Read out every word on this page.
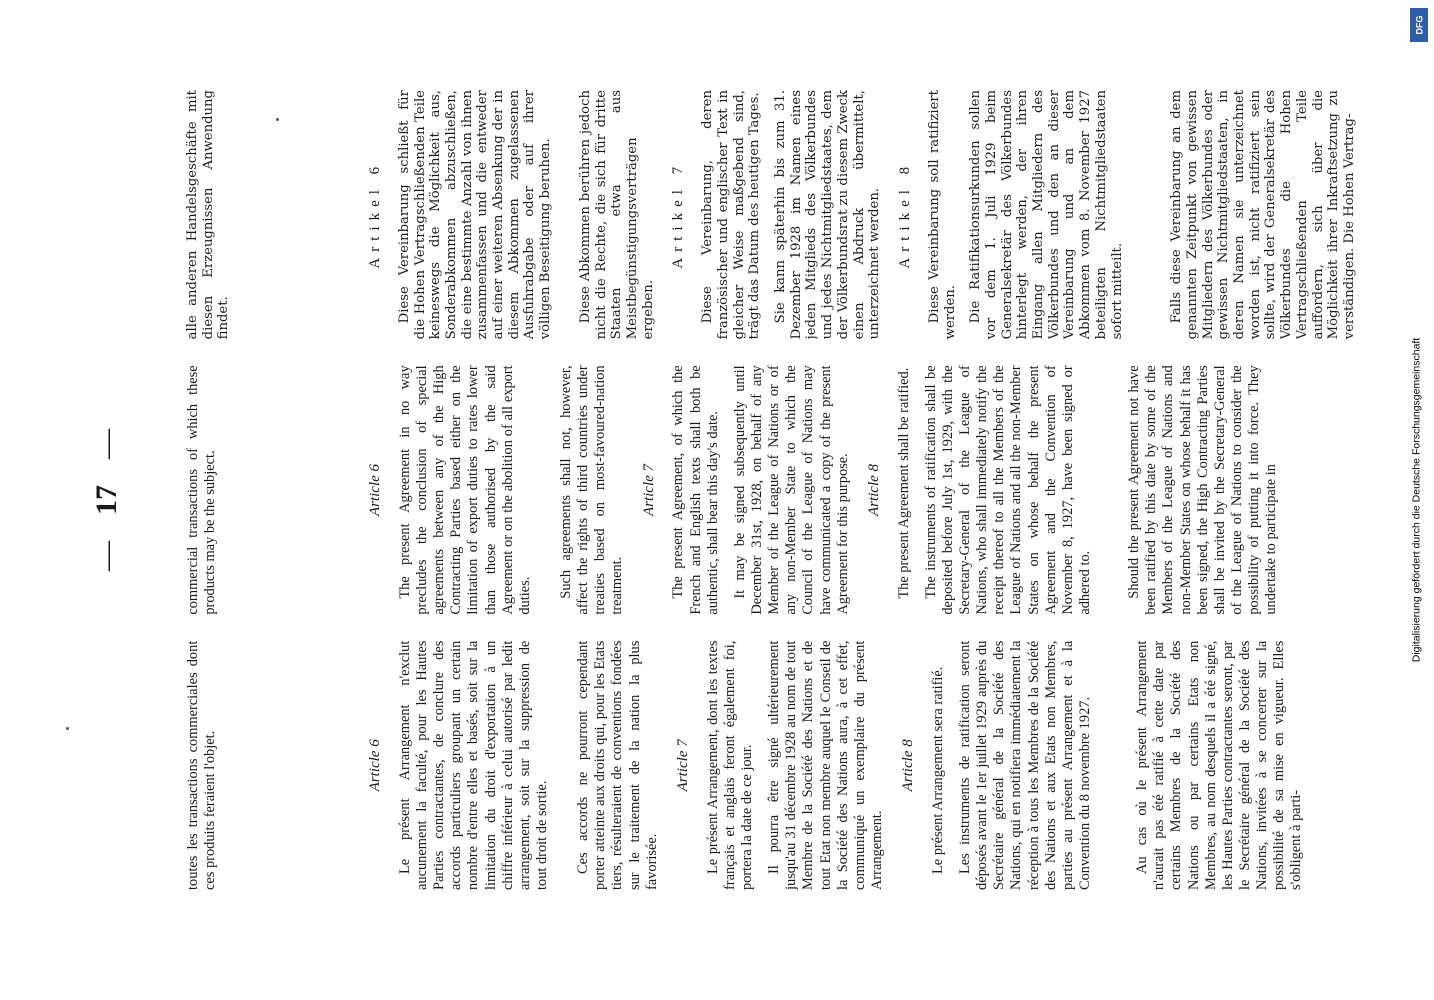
—
17
—

toutes les transactions commerciales dont ces produits feraient l'objet.

commercial transactions of which these products may be the subject.

alle anderen Handelsgeschäfte mit diesen Erzeugnissen Anwendung findet.

Article 6 Le présent Arrangement n'exclut aucunement la faculté, pour les Hautes Parties contractantes, de conclure des accords particuliers groupant un certain nombre d'entre elles et basés, soit sur la limitation du droit d'exportation à un chiffre inférieur à celui autorisé par ledit arrangement, soit sur la suppression de tout droit de sortie. Ces accords ne pourront cependant porter atteinte aux droits qui, pour les Etats tiers, résulteraient de conventions fondées sur le traitement de la nation la plus favorisée.

Article 7 Le présent Arrangement, dont les textes français et anglais feront également foi, portera la date de ce jour. Il pourra être signé ultérieurement jusqu'au 31 décembre 1928 au nom de tout Membre de la Société des Nations et de tout Etat non membre auquel le Conseil de la Société des Nations aura, à cet effet, communiqué un exemplaire du présent Arrangement.

Article 8 Le présent Arrangement sera ratifié. Les instruments de ratification seront déposés avant le 1er juillet 1929 auprès du Secrétaire général de la Société des Nations, qui en notifiera immédiatement la réception à tous les Membres de la Société des Nations et aux Etats non Membres, parties au présent Arrangement et à la Convention du 8 novembre 1927.	Au cas où le présent Arrangement n'aurait pas été ratifié à cette date par certains Membres de la Société des Nations ou par certains Etats non Membres, au nom desquels il a été signé, les Hautes Parties contractantes seront, par le Secrétaire général de la Société des Nations, invitées à se concerter sur la possibilité de sa mise en vigueur. Elles s'obligent à parti-

Article 6 The present Agreement in no way precludes the conclusion of special agreements between any of the High Contracting Parties based either on the limitation of export duties to rates lower than those authorised by the said Agreement or on the abolition of all export duties. Such agreements shall not, however, affect the rights of third countries under treaties based on most-favoured-nation treatment.

Article 7 The present Agreement, of which the French and English texts shall both be authentic, shall bear this day's date. It may be signed subsequently until December 31st, 1928, on behalf of any Member of the League of Nations or of any non-Member State to which the Council of the League of Nations may have communicated a copy of the present Agreement for this purpose. Article 8 The present Agreement shall be ratified. The instruments of ratification shall be deposited before July 1st, 1929, with the Secretary-General of the League of Nations, who shall immediately notify the receipt thereof to all the Members of the League of Nations and all the non-Member States on whose behalf the present Agreement and the Convention of November 8, 1927, have been signed or adhered to. Should the present Agreement not have been ratified by this date by some of the Members of the League of Nations and non-Member States on whose behalf it has been signed, the High Contracting Parties shall be invited by the Secretary-General of the League of Nations to consider the possibility of putting it into force. They undertake to participate in

Artikel 6 Diese Vereinbarung schließt für die Hohen Vertragschließenden Teile keineswegs die Möglichkeit aus, Sonderabkommen abzuschließen, die eine bestimmte Anzahl von ihnen zusammenfassen und die entweder auf einer weiteren Absenkung der in diesem Abkommen zugelassenen Ausfuhrabgabe oder auf ihrer völligen Beseitigung beruhen. Diese Abkommen berühren jedoch nicht die Rechte, die sich für dritte Staaten etwa aus Meistbegünstigungsverträgen ergeben.

Artikel 7 Diese Vereinbarung, deren französischer und englischer Text in gleicher Weise maßgebend sind, trägt das Datum des heutigen Tages. Sie kann späterhin bis zum 31. Dezember 1928 im Namen eines jeden Mitglieds des Völkerbundes und jedes Nichtmitgliedstaates, dem der Völkerbundsrat zu diesem Zweck einen Abdruck übermittelt, unterzeichnet werden. Artikel 8 Diese Vereinbarung soll ratifiziert werden. Die Ratifikationsurkunden sollen vor dem 1. Juli 1929 beim Generalsekretär des Völkerbundes hinterlegt werden, der ihren Eingang allen Mitgliedern des Völkerbundes und den an dieser Vereinbarung und an dem Abkommen vom 8. November 1927 beteiligten Nichtmitgliedstaaten sofort mitteilt.	Falls diese Vereinbarung an dem genannten Zeitpunkt von gewissen Mitgliedern des Völkerbundes oder gewissen Nichtmitgliedstaaten, in deren Namen sie unterzeichnet worden ist, nicht ratifiziert sein sollte, wird der Generalsekretär des Völkerbundes die Hohen Vertragschließenden Teile auffordern, sich über die Möglichkeit ihrer Inkraftsetzung zu verständigen. Die Hohen Vertrag-

DFG
Digitalisierung gefördert durch die Deutsche Forschungsgemeinschaft
